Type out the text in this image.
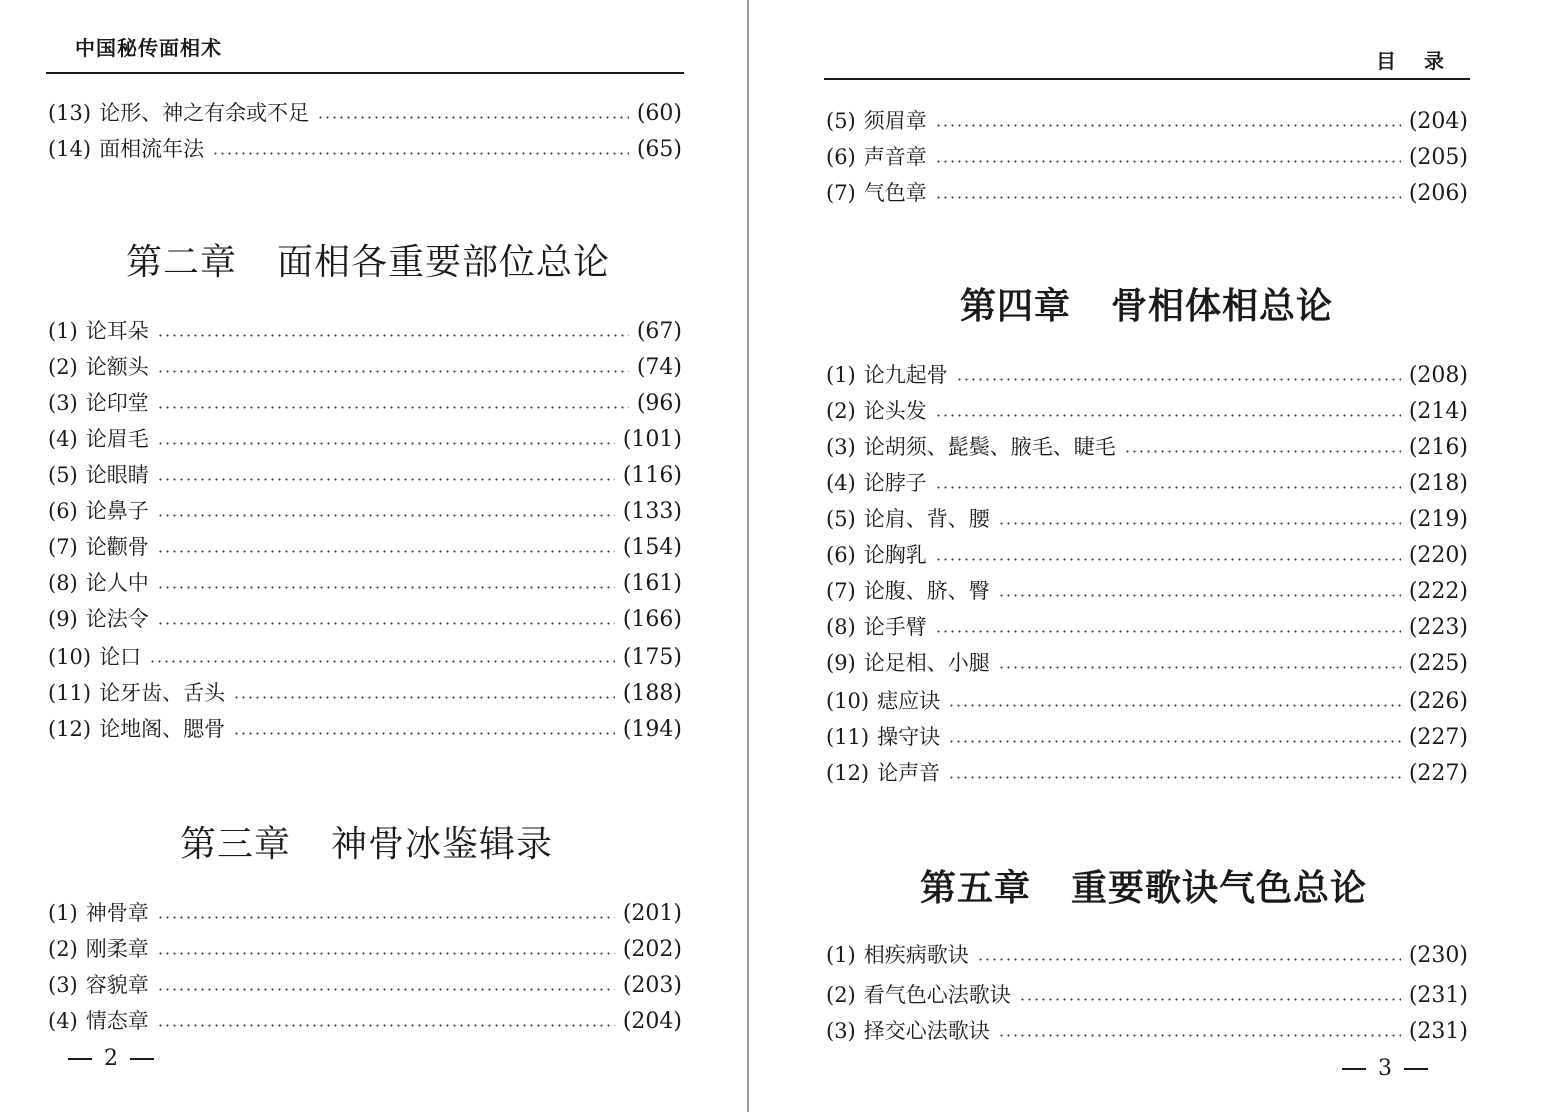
中国秘传面相术
(13) 论形、神之有余或不足	(60)
(14) 面相流年法	(65)
第二章 面相各重要部位总论
(1) 论耳朵	(67)
(2) 论额头	(74)
(3) 论印堂	(96)
(4) 论眉毛	(101)
(5) 论眼睛	(116)
(6) 论鼻子	(133)
(7) 论颧骨	(154)
(8) 论人中	(161)
(9) 论法令	(166)
(10) 论口	(175)
(11) 论牙齿、舌头	(188)
(12) 论地阁、腮骨	(194)
第三章 神骨冰鉴辑录
(1) 神骨章	(201)
(2) 刚柔章	(202)
(3) 容貌章	(203)
(4) 情态章	(204)
2
目　录
(5) 须眉章	(204)
(6) 声音章	(205)
(7) 气色章	(206)
第四章 骨相体相总论
(1) 论九起骨	(208)
(2) 论头发	(214)
(3) 论胡须、髭鬓、腋毛、睫毛	(216)
(4) 论脖子	(218)
(5) 论肩、背、腰	(219)
(6) 论胸乳	(220)
(7) 论腹、脐、臀	(222)
(8) 论手臂	(223)
(9) 论足相、小腿	(225)
(10) 痣应诀	(226)
(11) 操守诀	(227)
(12) 论声音	(227)
第五章 重要歌诀气色总论
(1) 相疾病歌诀	(230)
(2) 看气色心法歌诀	(231)
(3) 择交心法歌诀	(231)
3
